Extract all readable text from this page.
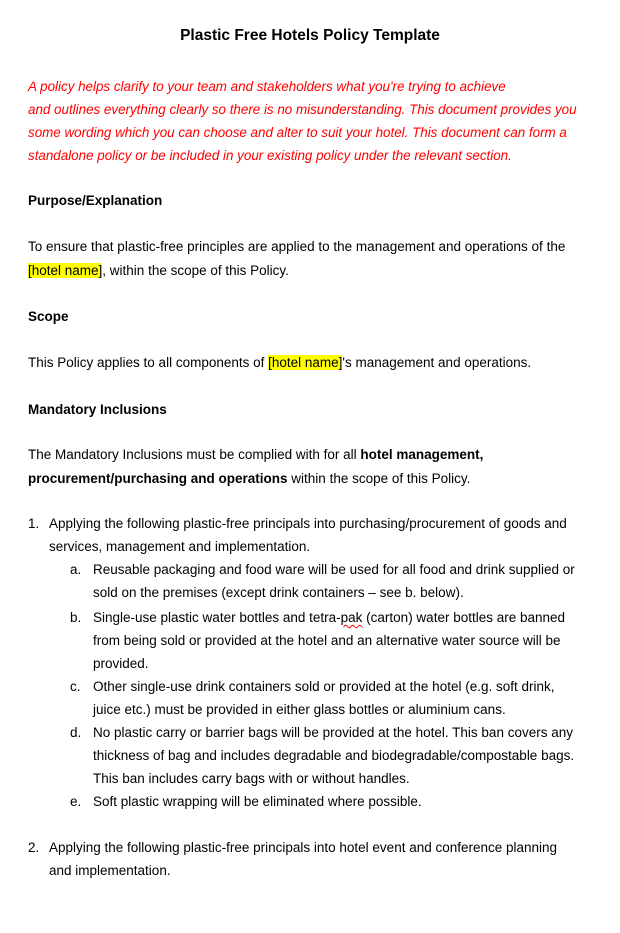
Plastic Free Hotels Policy Template
A policy helps clarify to your team and stakeholders what you're trying to achieve
and outlines everything clearly so there is no misunderstanding. This document provides you
some wording which you can choose and alter to suit your hotel. This document can form a
standalone policy or be included in your existing policy under the relevant section.
Purpose/Explanation
To ensure that plastic-free principles are applied to the management and operations of the
[hotel name], within the scope of this Policy.
Scope
This Policy applies to all components of [hotel name]'s management and operations.
Mandatory Inclusions
The Mandatory Inclusions must be complied with for all hotel management,
procurement/purchasing and operations within the scope of this Policy.
1. Applying the following plastic-free principals into purchasing/procurement of goods and
services, management and implementation.
a. Reusable packaging and food ware will be used for all food and drink supplied or
sold on the premises (except drink containers – see b. below).
b. Single-use plastic water bottles and tetra-pak (carton) water bottles are banned
from being sold or provided at the hotel and an alternative water source will be
provided.
c. Other single-use drink containers sold or provided at the hotel (e.g. soft drink,
juice etc.) must be provided in either glass bottles or aluminium cans.
d. No plastic carry or barrier bags will be provided at the hotel. This ban covers any
thickness of bag and includes degradable and biodegradable/compostable bags.
This ban includes carry bags with or without handles.
e. Soft plastic wrapping will be eliminated where possible.
2. Applying the following plastic-free principals into hotel event and conference planning
and implementation.
